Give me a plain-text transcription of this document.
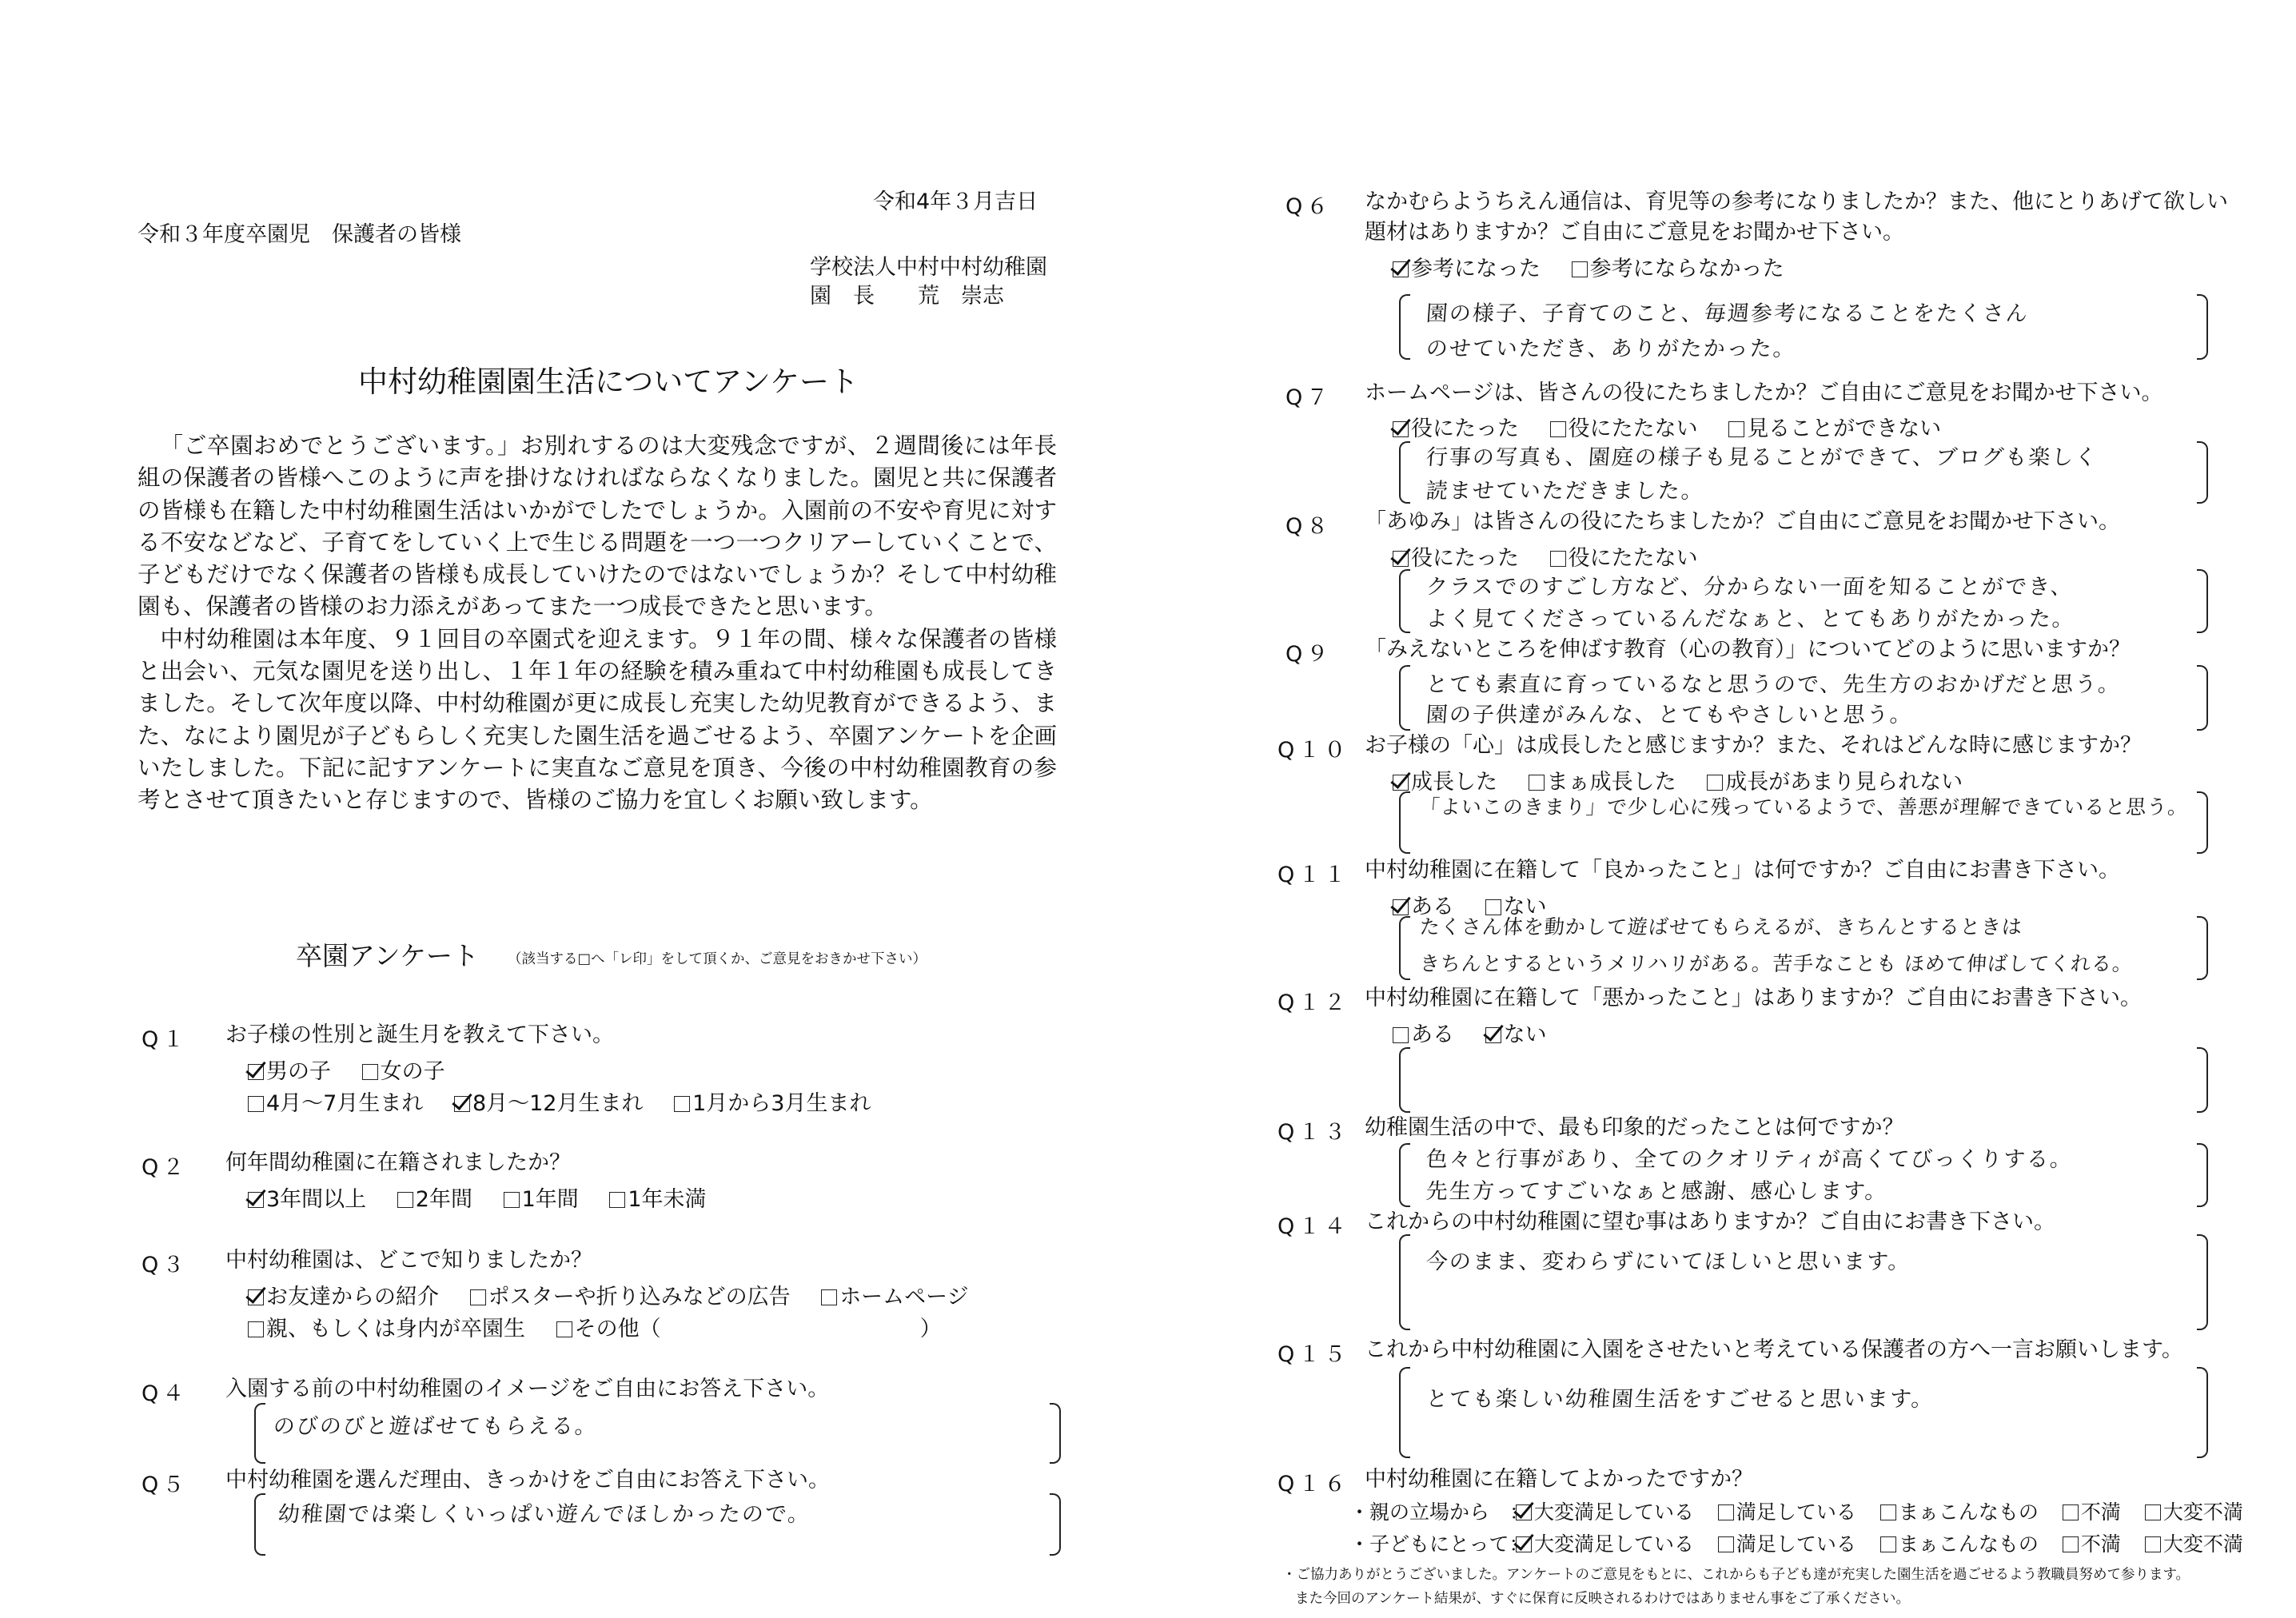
令和4年３月吉日
令和３年度卒園児　保護者の皆様
学校法人中村中村幼稚園
園　長　　荒　崇志
中村幼稚園園生活についてアンケート

「ご卒園おめでとうございます。」お別れするのは大変残念ですが、２週間後には年長組の保護者の皆様へこのように声を掛けなければならなくなりました。園児と共に保護者の皆様も在籍した中村幼稚園生活はいかがでしたでしょうか。入園前の不安や育児に対する不安などなど、子育てをしていく上で生じる問題を一つ一つクリアーしていくことで、子どもだけでなく保護者の皆様も成長していけたのではないでしょうか？そして中村幼稚園も、保護者の皆様のお力添えがあってまた一つ成長できたと思います。

中村幼稚園は本年度、９１回目の卒園式を迎えます。９１年の間、様々な保護者の皆様と出会い、元気な園児を送り出し、１年１年の経験を積み重ねて中村幼稚園も成長してきました。そして次年度以降、中村幼稚園が更に成長し充実した幼児教育ができるよう、また、なにより園児が子どもらしく充実した園生活を過ごせるよう、卒園アンケートを企画いたしました。下記に記すアンケートに実直なご意見を頂き、今後の中村幼稚園教育の参考とさせて頂きたいと存じますので、皆様のご協力を宜しくお願い致します。

卒園アンケート （該当する□へ「レ印」をして頂くか、ご意見をおきかせ下さい）
Q１ お子様の性別と誕生月を教えて下さい。
男の子 女の子
4月～7月生まれ 8月～12月生まれ 1月から3月生まれ
Q２ 何年間幼稚園に在籍されましたか？
3年間以上 2年間 1年間 1年未満
Q３ 中村幼稚園は、どこで知りましたか？
お友達からの紹介 ポスターや折り込みなどの広告 ホームページ
親、もしくは身内が卒園生 その他（　　　　　　　　　　　　）
Q４ 入園する前の中村幼稚園のイメージをご自由にお答え下さい。
のびのびと遊ばせてもらえる。
Q５ 中村幼稚園を選んだ理由、きっかけをご自由にお答え下さい。
幼稚園では楽しくいっぱい遊んでほしかったので。
Q６ なかむらようちえん通信は、育児等の参考になりましたか？また、他にとりあげて欲しい
題材はありますか？ご自由にご意見をお聞かせ下さい。
参考になった 参考にならなかった
園の様子、子育てのこと、毎週参考になることをたくさん
のせていただき、ありがたかった。
Q７ ホームページは、皆さんの役にたちましたか？ご自由にご意見をお聞かせ下さい。
役にたった 役にたたない 見ることができない
行事の写真も、園庭の様子も見ることができて、ブログも楽しく
読ませていただきました。
Q８ 「あゆみ」は皆さんの役にたちましたか？ご自由にご意見をお聞かせ下さい。
役にたった 役にたたない
クラスでのすごし方など、分からない一面を知ることができ、
よく見てくださっているんだなぁと、とてもありがたかった。
Q９ 「みえないところを伸ばす教育（心の教育）」についてどのように思いますか？
とても素直に育っているなと思うので、先生方のおかげだと思う。
園の子供達がみんな、とてもやさしいと思う。
Q１０ お子様の「心」は成長したと感じますか？また、それはどんな時に感じますか？
成長した まぁ成長した 成長があまり見られない
「よいこのきまり」で少し心に残っているようで、善悪が理解できていると思う。
Q１１ 中村幼稚園に在籍して「良かったこと」は何ですか？ご自由にお書き下さい。
ある ない
たくさん体を動かして遊ばせてもらえるが、きちんとするときは
きちんとするというメリハリがある。苦手なことも ほめて伸ばしてくれる。
Q１２ 中村幼稚園に在籍して「悪かったこと」はありますか？ご自由にお書き下さい。
ある ない
Q１３ 幼稚園生活の中で、最も印象的だったことは何ですか？
色々と行事があり、全てのクオリティが高くてびっくりする。
先生方ってすごいなぁと感謝、感心します。
Q１４ これからの中村幼稚園に望む事はありますか？ご自由にお書き下さい。
今のまま、変わらずにいてほしいと思います。
Q１５ これから中村幼稚園に入園をさせたいと考えている保護者の方へ一言お願いします。
とても楽しい幼稚園生活をすごせると思います。
Q１６ 中村幼稚園に在籍してよかったですか？
・親の立場から　： 大変満足している 満足している まぁこんなもの 不満 大変不満
・子どもにとって： 大変満足している 満足している まぁこんなもの 不満 大変不満
・ご協力ありがとうございました。アンケートのご意見をもとに、これからも子ども達が充実した園生活を過ごせるよう教職員努めて参ります。
また今回のアンケート結果が、すぐに保育に反映されるわけではありません事をご了承ください。
